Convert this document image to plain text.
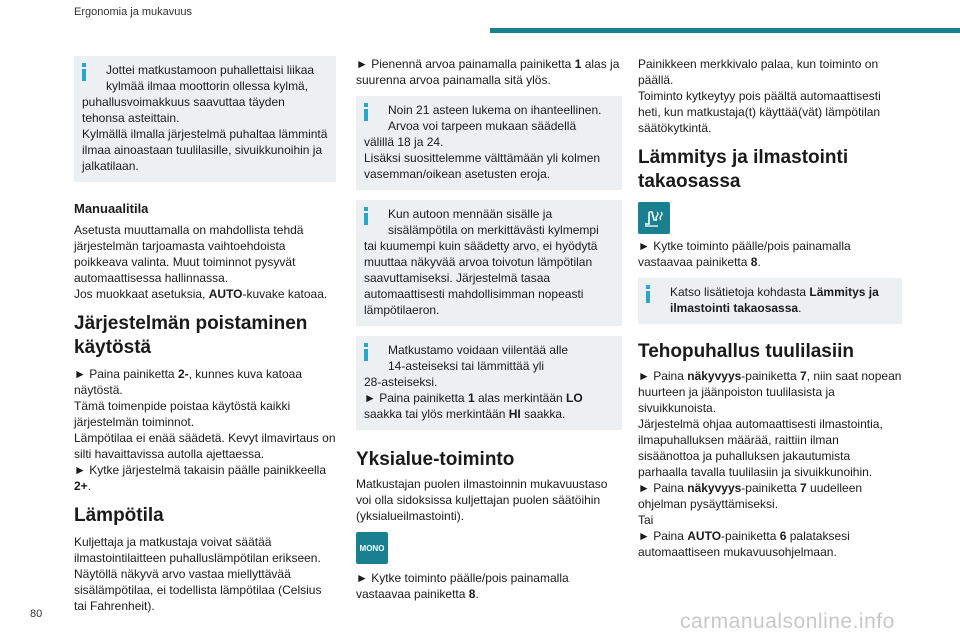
Ergonomia ja mukavuus
Jottei matkustamoon puhallettaisi liikaa
kylmää ilmaa moottorin ollessa kylmä,
puhallusvoimakkuus saavuttaa täyden tehonsa asteittain.
Kylmällä ilmalla järjestelmä puhaltaa lämmintä ilmaa ainoastaan tuulilasille, sivuikkunoihin ja jalkatilaan.
Manuaalitila

Asetusta muuttamalla on mahdollista tehdä järjestelmän tarjoamasta vaihtoehdoista poikkeava valinta. Muut toiminnot pysyvät automaattisessa hallinnassa.

Jos muokkaat asetuksia, AUTO-kuvake katoaa.

Järjestelmän poistaminen käytöstä

► Paina painiketta 2-, kunnes kuva katoaa näytöstä.

Tämä toimenpide poistaa käytöstä kaikki järjestelmän toiminnot.

Lämpötilaa ei enää säädetä. Kevyt ilmavirtaus on silti havaittavissa autolla ajettaessa.

► Kytke järjestelmä takaisin päälle painikkeella 2+.

Lämpötila

Kuljettaja ja matkustaja voivat säätää ilmastointilaitteen puhalluslämpötilan erikseen.

Näytöllä näkyvä arvo vastaa miellyttävää sisälämpötilaa, ei todellista lämpötilaa (Celsius tai Fahrenheit).

► Pienennä arvoa painamalla painiketta 1 alas ja suurenna arvoa painamalla sitä ylös.

Noin 21 asteen lukema on ihanteellinen.
Arvoa voi tarpeen mukaan säädellä
välillä 18 ja 24.
Lisäksi suosittelemme välttämään yli kolmen vasemman/oikean asetusten eroja.
Kun autoon mennään sisälle ja
sisälämpötila on merkittävästi kylmempi
tai kuumempi kuin säädetty arvo, ei hyödytä muuttaa näkyvää arvoa toivotun lämpötilan saavuttamiseksi. Järjestelmä tasaa automaattisesti mahdollisimman nopeasti lämpötilaeron.
Matkustamo voidaan viilentää alle
14-asteiseksi tai lämmittää yli
28-asteiseksi.
► Paina painiketta 1 alas merkintään LO saakka tai ylös merkintään HI saakka.
Yksialue-toiminto

Matkustajan puolen ilmastoinnin mukavuustaso voi olla sidoksissa kuljettajan puolen säätöihin (yksialueilmastointi).

MONO

► Kytke toiminto päälle/pois painamalla vastaavaa painiketta 8.

Painikkeen merkkivalo palaa, kun toiminto on päällä.

Toiminto kytkeytyy pois päältä automaattisesti heti, kun matkustaja(t) käyttää(vät) lämpötilan säätökytkintä.

Lämmitys ja ilmastointi takaosassa

► Kytke toiminto päälle/pois painamalla vastaavaa painiketta 8.

Katso lisätietoja kohdasta Lämmitys ja ilmastointi takaosassa.
Tehopuhallus tuulilasiin

► Paina näkyvyys-painiketta 7, niin saat nopean huurteen ja jäänpoiston tuulilasista ja sivuikkunoista.

Järjestelmä ohjaa automaattisesti ilmastointia, ilmapuhalluksen määrää, raittiin ilman sisäänottoa ja puhalluksen jakautumista parhaalla tavalla tuulilasiin ja sivuikkunoihin.

► Paina näkyvyys-painiketta 7 uudelleen ohjelman pysäyttämiseksi.

Tai

► Paina AUTO-painiketta 6 palataksesi automaattiseen mukavuusohjelmaan.

80	carmanualsonline.info
